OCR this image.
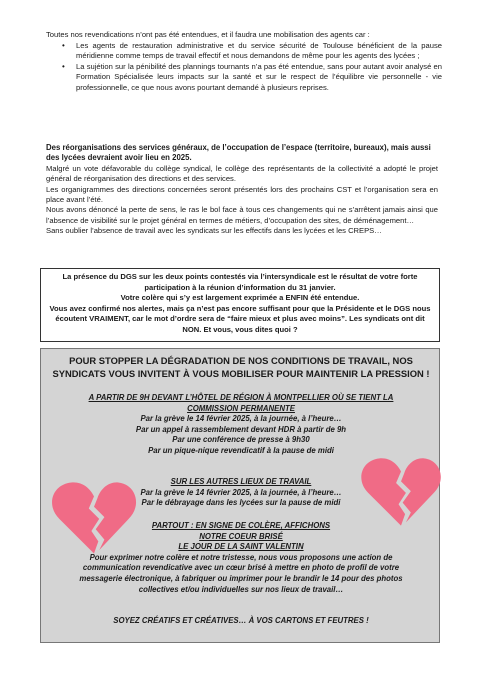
Toutes nos revendications n’ont pas été entendues, et il faudra une mobilisation des agents car :
• Les agents de restauration administrative et du service sécurité de Toulouse bénéficient de la pause méridienne comme temps de travail effectif et nous demandons de même pour les agents des lycées ;
• La sujétion sur la pénibilité des plannings tournants n’a pas été entendue, sans pour autant avoir analysé en Formation Spécialisée leurs impacts sur la santé et sur le respect de l’équilibre vie personnelle - vie professionnelle, ce que nous avons pourtant demandé à plusieurs reprises.
Des réorganisations des services généraux, de l’occupation de l’espace (territoire, bureaux), mais aussi des lycées devraient avoir lieu en 2025.
Malgré un vote défavorable du collège syndical, le collège des représentants de la collectivité a adopté le projet général de réorganisation des directions et des services.
Les organigrammes des directions concernées seront présentés lors des prochains CST et l’organisation sera en place avant l’été.
Nous avons dénoncé la perte de sens, le ras le bol face à tous ces changements qui ne s’arrêtent jamais ainsi que l’absence de visibilité sur le projet général en termes de métiers, d’occupation des sites, de déménagement…
Sans oublier l’absence de travail avec les syndicats sur les effectifs dans les lycées et les CREPS…
La présence du DGS sur les deux points contestés via l’intersyndicale est le résultat de votre forte participation à la réunion d’information du 31 janvier.
Votre colère qui s’y est largement exprimée a ENFIN été entendue.
Vous avez confirmé nos alertes, mais ça n’est pas encore suffisant pour que la Présidente et le DGS nous écoutent VRAIMENT, car le mot d’ordre sera de “faire mieux et plus avec moins”. Les syndicats ont dit NON. Et vous, vous dites quoi ?
POUR STOPPER LA DÉGRADATION DE NOS CONDITIONS DE TRAVAIL, NOS SYNDICATS VOUS INVITENT À VOUS MOBILISER POUR MAINTENIR LA PRESSION !
A PARTIR DE 9H DEVANT L’HÔTEL DE RÉGION À MONTPELLIER OÙ SE TIENT LA COMMISSION PERMANENTE
Par la grève le 14 février 2025, à la journée, à l’heure…
Par un appel à rassemblement devant HDR à partir de 9h
Par une conférence de presse à 9h30
Par un pique-nique revendicatif à la pause de midi
SUR LES AUTRES LIEUX DE TRAVAIL
Par la grève le 14 février 2025, à la journée, à l’heure…
Par le débrayage dans les lycées sur la pause de midi
PARTOUT : EN SIGNE DE COLÈRE, AFFICHONS
NOTRE COEUR BRISÉ
LE JOUR DE LA SAINT VALENTIN
Pour exprimer notre colère et notre tristesse, nous vous proposons une action de communication revendicative avec un cœur brisé à mettre en photo de profil de votre messagerie électronique, à fabriquer ou imprimer pour le brandir le 14 pour des photos collectives et/ou individuelles sur nos lieux de travail…
SOYEZ CRÉATIFS ET CRÉATIVES… À VOS CARTONS ET FEUTRES !
